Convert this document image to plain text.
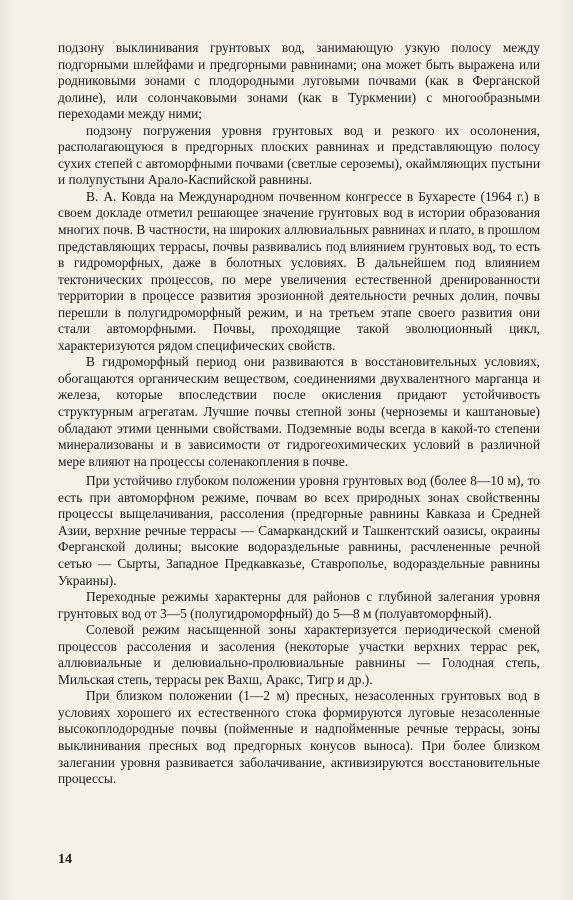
подзону выклинивания грунтовых вод, занимающую узкую полосу между подгорными шлейфами и предгорными равнинами; она может быть выражена или родниковыми зонами с плодородными луговыми почвами (как в Ферганской долине), или солончаковыми зонами (как в Туркмении) с многообразными переходами между ними;

подзону погружения уровня грунтовых вод и резкого их осолонения, располагающуюся в предгорных плоских равнинах и представляющую полосу сухих степей с автоморфными почвами (светлые сероземы), окаймляющих пустыни и полупустыни Арало-Каспийской равнины.

В. А. Ковда на Международном почвенном конгрессе в Бухаресте (1964 г.) в своем докладе отметил решающее значение грунтовых вод в истории образования многих почв. В частности, на широких аллювиальных равнинах и плато, в прошлом представляющих террасы, почвы развивались под влиянием грунтовых вод, то есть в гидроморфных, даже в болотных условиях. В дальнейшем под влиянием тектонических процессов, по мере увеличения естественной дренированности территории в процессе развития эрозионной деятельности речных долин, почвы перешли в полугидроморфный режим, и на третьем этапе своего развития они стали автоморфными. Почвы, проходящие такой эволюционный цикл, характеризуются рядом специфических свойств.

В гидроморфный период они развиваются в восстановительных условиях, обогащаются органическим веществом, соединениями двухвалентного марганца и железа, которые впоследствии после окисления придают устойчивость структурным агрегатам. Лучшие почвы степной зоны (черноземы и каштановые) обладают этими ценными свойствами. Подземные воды всегда в какой-то степени минерализованы и в зависимости от гидрогеохимических условий в различной мере влияют на процессы соленакопления в почве.

При устойчиво глубоком положении уровня грунтовых вод (более 8—10 м), то есть при автоморфном режиме, почвам во всех природных зонах свойственны процессы выщелачивания, рассоления (предгорные равнины Кавказа и Средней Азии, верхние речные террасы — Самаркандский и Ташкентский оазисы, окраины Ферганской долины; высокие водораздельные равнины, расчлененные речной сетью — Сырты, Западное Предкавказье, Ставрополье, водораздельные равнины Украины).

Переходные режимы характерны для районов с глубиной залегания уровня грунтовых вод от 3—5 (полугидроморфный) до 5—8 м (полуавтоморфный).

Солевой режим насыщенной зоны характеризуется периодической сменой процессов рассоления и засоления (некоторые участки верхних террас рек, аллювиальные и делювиально-пролювиальные равнины — Голодная степь, Мильская степь, террасы рек Вахш, Аракс, Тигр и др.).

При близком положении (1—2 м) пресных, незасоленных грунтовых вод в условиях хорошего их естественного стока формируются луговые незасоленные высокоплодородные почвы (пойменные и надпойменные речные террасы, зоны выклинивания пресных вод предгорных конусов выноса). При более близком залегании уровня развивается заболачивание, активизируются восстановительные процессы.

14
